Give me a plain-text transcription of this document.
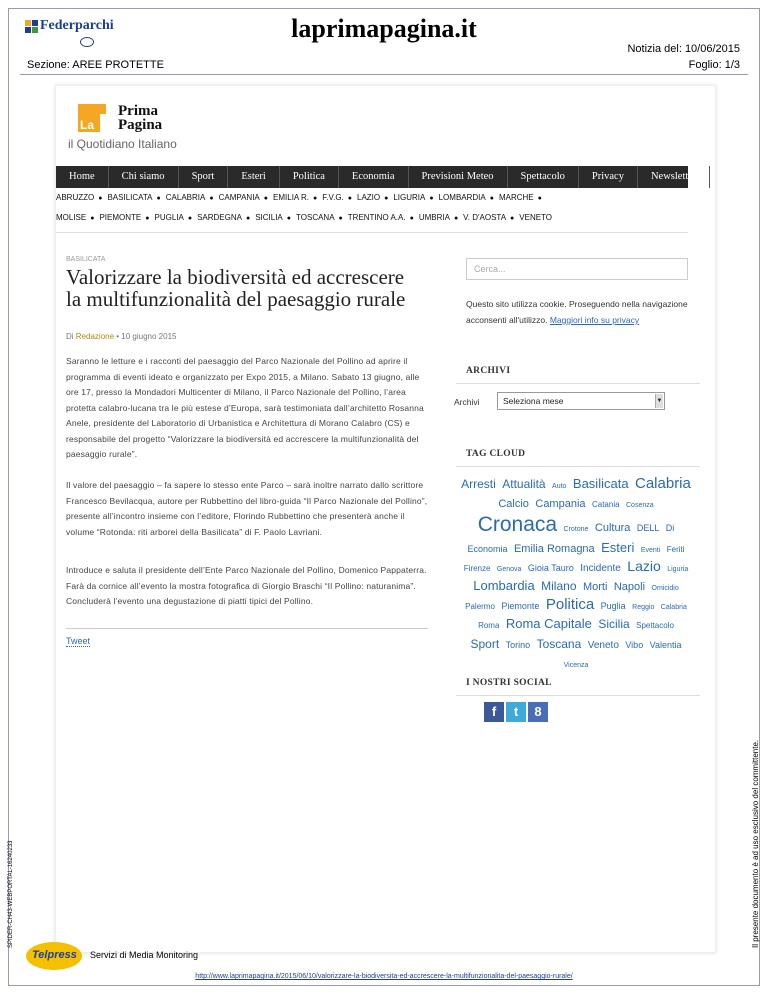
Federparchi	laprimapagina.it
Notizia del: 10/06/2015
Sezione: AREE PROTETTE	Foglio: 1/3
La
Prima
Pagina
il Quotidiano Italiano
Home	Chi siamo	Sport	Esteri	Politica	Economia	Previsioni Meteo	Spettacolo	Privacy	Newsletter
ABRUZZO ● BASILICATA ● CALABRIA ● CAMPANIA ● EMILIA R. ● F.V.G. ● LAZIO ● LIGURIA ● LOMBARDIA ● MARCHE ●
MOLISE ● PIEMONTE ● PUGLIA ● SARDEGNA ● SICILIA ● TOSCANA ● TRENTINO A.A. ● UMBRIA ● V. D'AOSTA ● VENETO
BASILICATA
Valorizzare la biodiversità ed accrescere la multifunzionalità del paesaggio rurale
Di Redazione • 10 giugno 2015
Saranno le letture e i racconti del paesaggio del Parco Nazionale del Pollino ad aprire il programma di eventi ideato e organizzato per Expo 2015, a Milano. Sabato 13 giugno, alle ore 17, presso la Mondadori Multicenter di Milano, il Parco Nazionale del Pollino, l’area protetta calabro-lucana tra le più estese d’Europa, sarà testimoniata dall’architetto Rosanna Anele, presidente del Laboratorio di Urbanistica e Architettura di Morano Calabro (CS) e responsabile del progetto “Valorizzare la biodiversità ed accrescere la multifunzionalità del paesaggio rurale”.
Il valore del paesaggio – fa sapere lo stesso ente Parco – sarà inoltre narrato dallo scrittore Francesco Bevilacqua, autore per Rubbettino del libro-guida “Il Parco Nazionale del Pollino”, presente all’incontro insieme con l’editore, Florindo Rubbettino che presenterà anche il volume “Rotonda: riti arborei della Basilicata” di F. Paolo Lavriani.
Introduce e saluta il presidente dell’Ente Parco Nazionale del Pollino, Domenico Pappaterra. Farà da cornice all’evento la mostra fotografica di Giorgio Braschi “Il Pollino: naturanima”. Concluderà l’evento una degustazione di piatti tipici del Pollino.
Tweet
Cerca...
Questo sito utilizza cookie. Proseguendo nella navigazione acconsenti all'utilizzo. Maggiori info su privacy
ARCHIVI
Archivi	Seleziona mese	▼
TAG CLOUD
Arresti Attualità Auto Basilicata Calabria Calcio Campania Catania Cosenza Cronaca Crotone Cultura DELL Di Economia Emilia Romagna Esteri Eventi Feriti Firenze Genova Gioia Tauro Incidente Lazio Liguria Lombardia Milano Morti Napoli Omicidio Palermo Piemonte Politica Puglia Reggio Calabria Roma Roma Capitale Sicilia Spettacolo Sport Torino Toscana Veneto Vibo Valentia Vicenza
I NOSTRI SOCIAL
f	t	8
Telpress Servizi di Media Monitoring
http://www.laprimapagina.it/2015/06/10/valorizzare-la-biodiversita-ed-accrescere-la-multifunzionalita-del-paesaggio-rurale/
Il presente documento è ad uso esclusivo del committente.
SPIDER-CH43-WEBPORTAL-16240233
